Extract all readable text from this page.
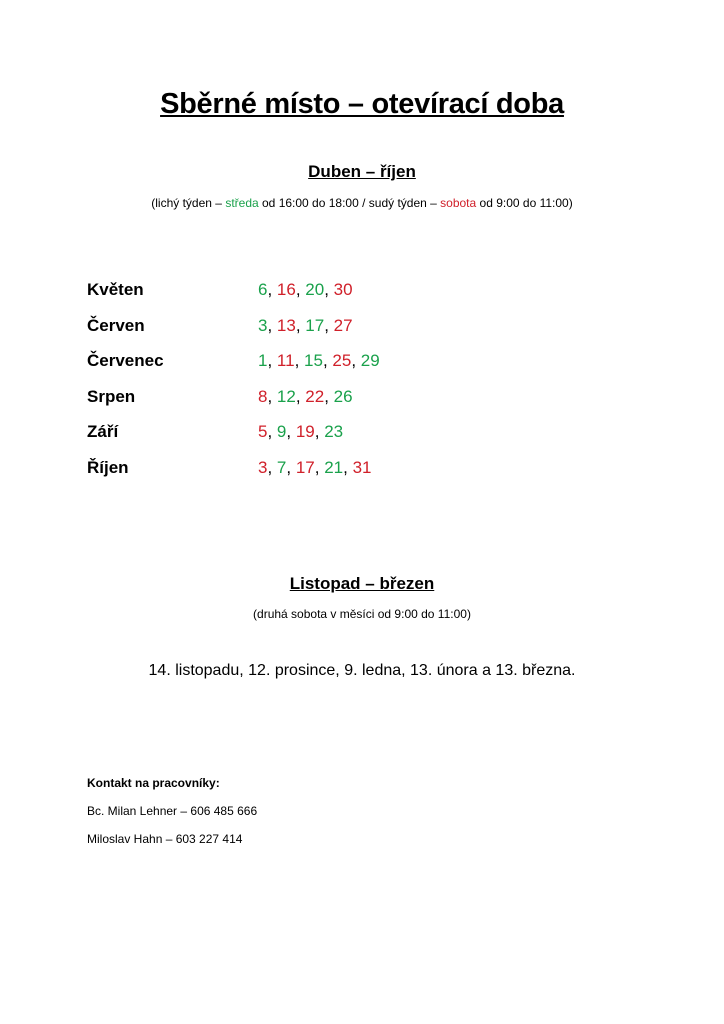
Sběrné místo – otevírací doba
Duben – říjen
(lichý týden – středa od 16:00 do 18:00 / sudý týden – sobota od 9:00 do 11:00)
Květen	6, 16, 20, 30
Červen	3, 13, 17, 27
Červenec	1, 11, 15, 25, 29
Srpen	8, 12, 22, 26
Září	5, 9, 19, 23
Říjen	3, 7, 17, 21, 31
Listopad – březen
(druhá sobota v měsíci od 9:00 do 11:00)
14. listopadu, 12. prosince, 9. ledna, 13. února a 13. března.
Kontakt na pracovníky:
Bc. Milan Lehner – 606 485 666
Miloslav Hahn – 603 227 414
